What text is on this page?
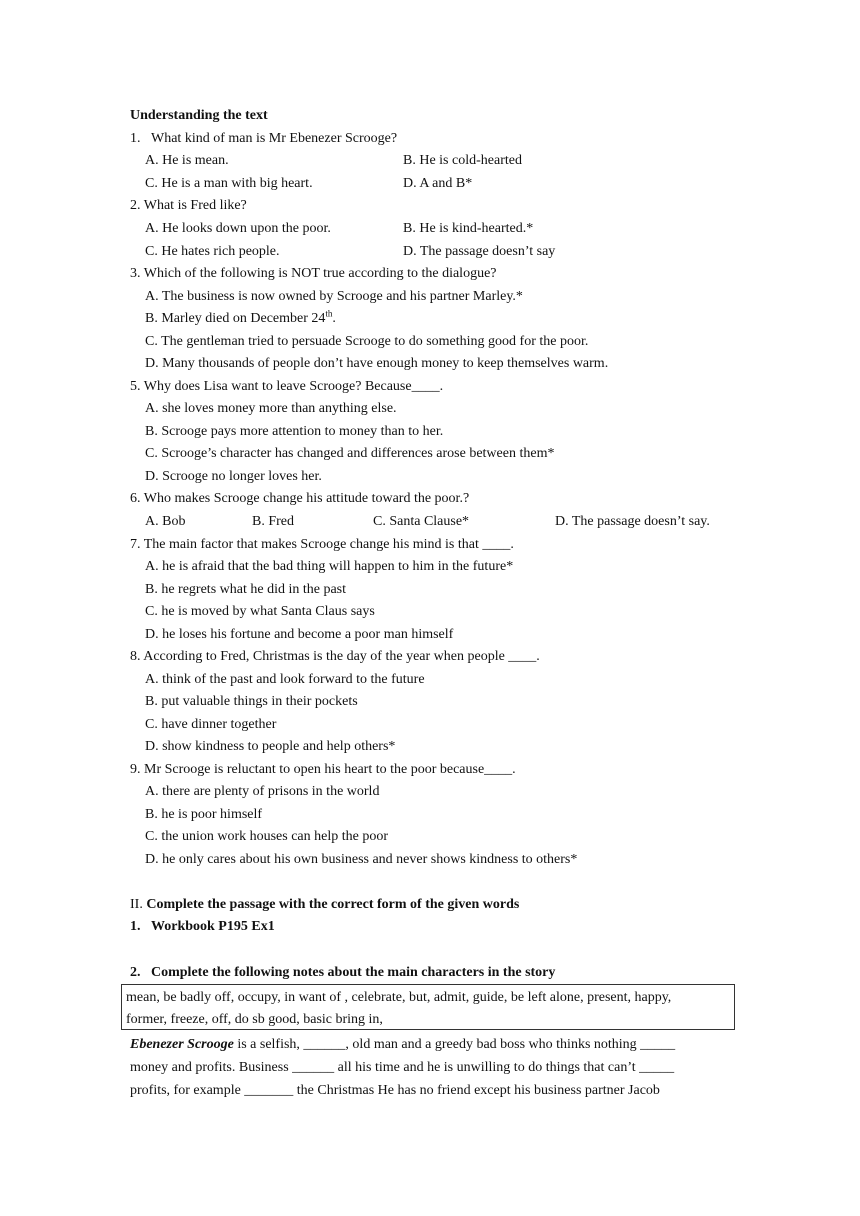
Understanding the text
1.   What kind of man is Mr Ebenezer Scrooge?
A. He is mean.	B. He is cold-hearted
C. He is a man with big heart.	D. A and B*
2. What is Fred like?
A. He looks down upon the poor.	B. He is kind-hearted.*
C. He hates rich people.	D. The passage doesn’t say
3. Which of the following is NOT true according to the dialogue?
A. The business is now owned by Scrooge and his partner Marley.*
B. Marley died on December 24th.
C. The gentleman tried to persuade Scrooge to do something good for the poor.
D. Many thousands of people don’t have enough money to keep themselves warm.
5. Why does Lisa want to leave Scrooge? Because____.
A. she loves money more than anything else.
B. Scrooge pays more attention to money than to her.
C. Scrooge’s character has changed and differences arose between them*
D. Scrooge no longer loves her.
6. Who makes Scrooge change his attitude toward the poor.?
A. Bob	B. Fred	C. Santa Clause*	D. The passage doesn’t say.
7. The main factor that makes Scrooge change his mind is that ____.
A. he is afraid that the bad thing will happen to him in the future*
B. he regrets what he did in the past
C. he is moved by what Santa Claus says
D. he loses his fortune and become a poor man himself
8. According to Fred, Christmas is the day of the year when people ____.
A. think of the past and look forward to the future
B. put valuable things in their pockets
C. have dinner together
D. show kindness to people and help others*
9. Mr Scrooge is reluctant to open his heart to the poor because____.
A. there are plenty of prisons in the world
B. he is poor himself
C. the union work houses can help the poor
D. he only cares about his own business and never shows kindness to others*
II. Complete the passage with the correct form of the given words
1.   Workbook P195 Ex1
2.   Complete the following notes about the main characters in the story
mean, be badly off, occupy, in want of , celebrate, but, admit, guide, be left alone, present, happy,
former, freeze, off, do sb good, basic bring in,
Ebenezer Scrooge is a selfish, ______, old man and a greedy bad boss who thinks nothing _____
money and profits. Business ______ all his time and he is unwilling to do things that can’t _____
profits, for example _______ the Christmas He has no friend except his business partner Jacob
